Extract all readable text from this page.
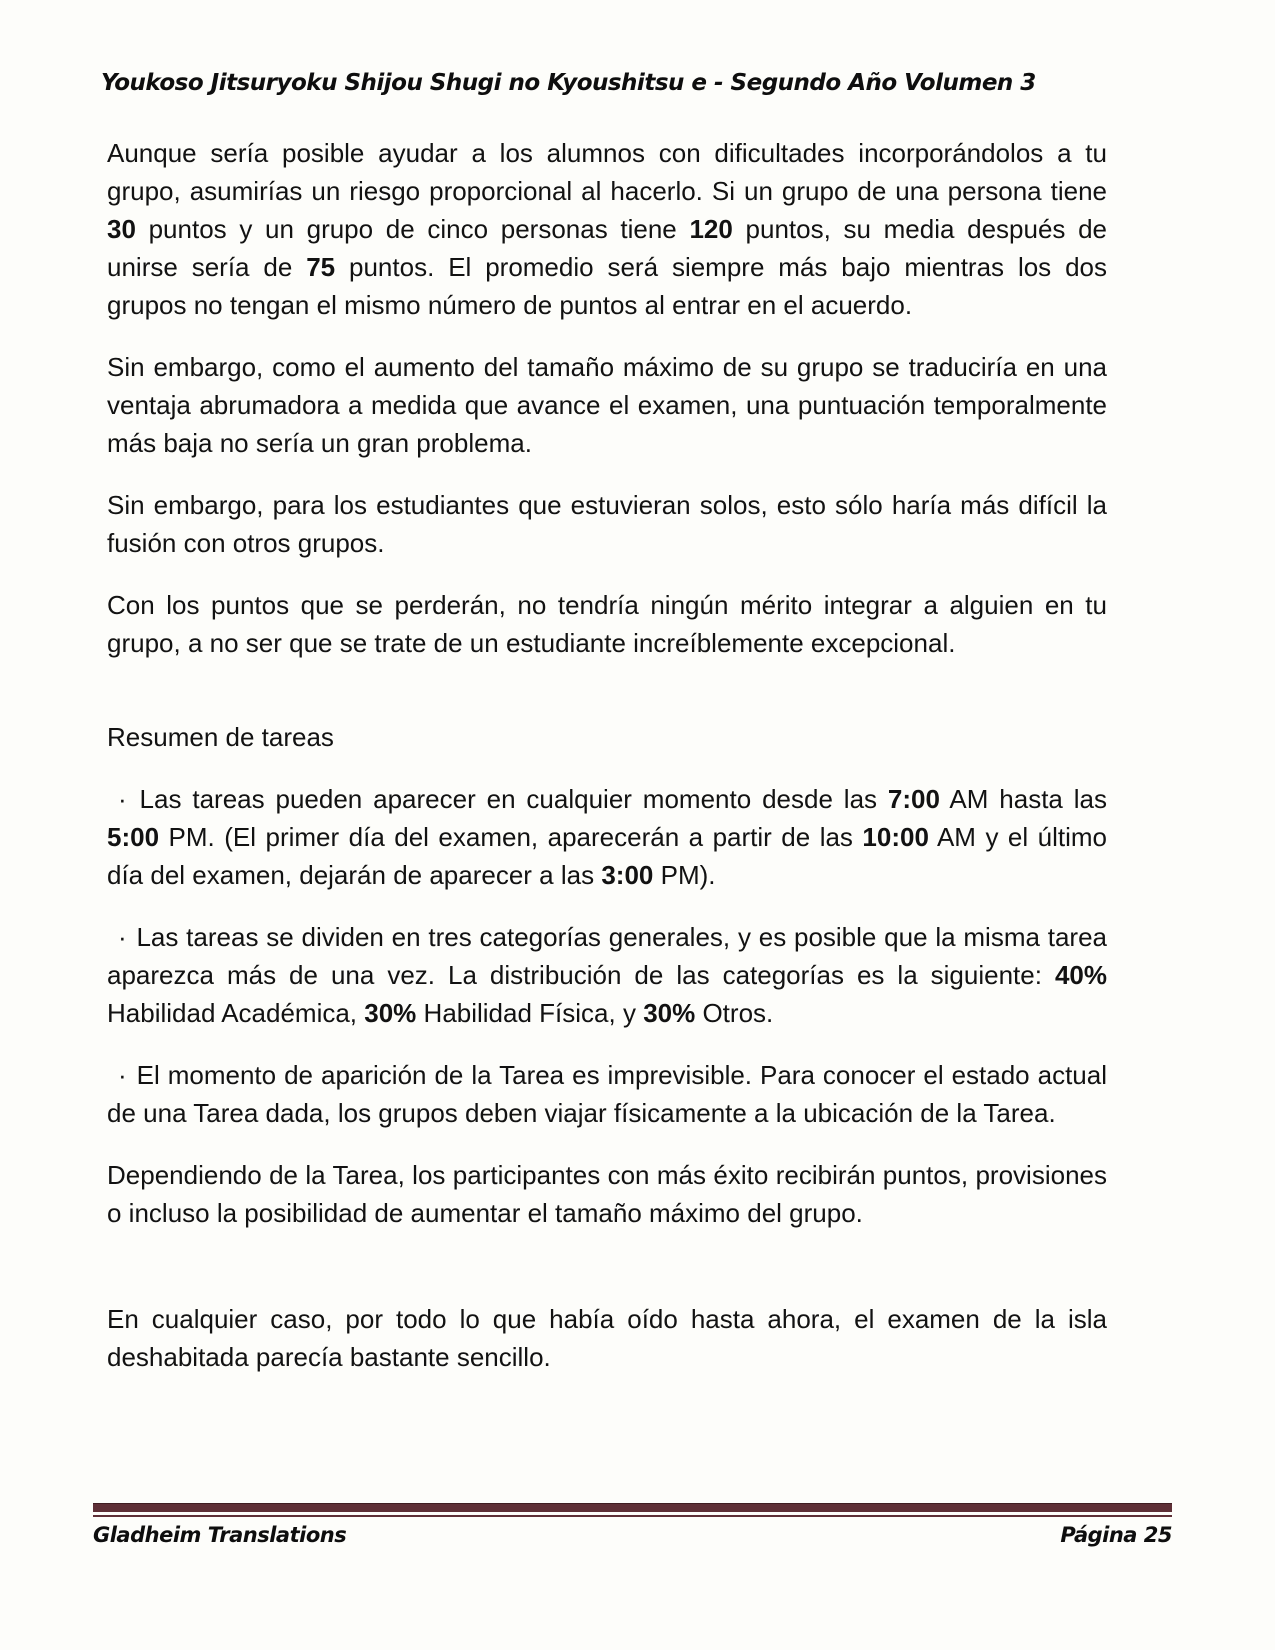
Youkoso Jitsuryoku Shijou Shugi no Kyoushitsu e - Segundo Año Volumen 3

Aunque sería posible ayudar a los alumnos con dificultades incorporándolos a tu grupo, asumirías un riesgo proporcional al hacerlo. Si un grupo de una persona tiene 30 puntos y un grupo de cinco personas tiene 120 puntos, su media después de unirse sería de 75 puntos. El promedio será siempre más bajo mientras los dos grupos no tengan el mismo número de puntos al entrar en el acuerdo.

Sin embargo, como el aumento del tamaño máximo de su grupo se traduciría en una ventaja abrumadora a medida que avance el examen, una puntuación temporalmente más baja no sería un gran problema.

Sin embargo, para los estudiantes que estuvieran solos, esto sólo haría más difícil la fusión con otros grupos.

Con los puntos que se perderán, no tendría ningún mérito integrar a alguien en tu grupo, a no ser que se trate de un estudiante increíblemente excepcional.

Resumen de tareas

· Las tareas pueden aparecer en cualquier momento desde las 7:00 AM hasta las 5:00 PM. (El primer día del examen, aparecerán a partir de las 10:00 AM y el último día del examen, dejarán de aparecer a las 3:00 PM).

· Las tareas se dividen en tres categorías generales, y es posible que la misma tarea aparezca más de una vez. La distribución de las categorías es la siguiente: 40% Habilidad Académica, 30% Habilidad Física, y 30% Otros.

· El momento de aparición de la Tarea es imprevisible. Para conocer el estado actual de una Tarea dada, los grupos deben viajar físicamente a la ubicación de la Tarea.

Dependiendo de la Tarea, los participantes con más éxito recibirán puntos, provisiones o incluso la posibilidad de aumentar el tamaño máximo del grupo.

En cualquier caso, por todo lo que había oído hasta ahora, el examen de la isla deshabitada parecía bastante sencillo.

Gladheim Translations	Página 25
